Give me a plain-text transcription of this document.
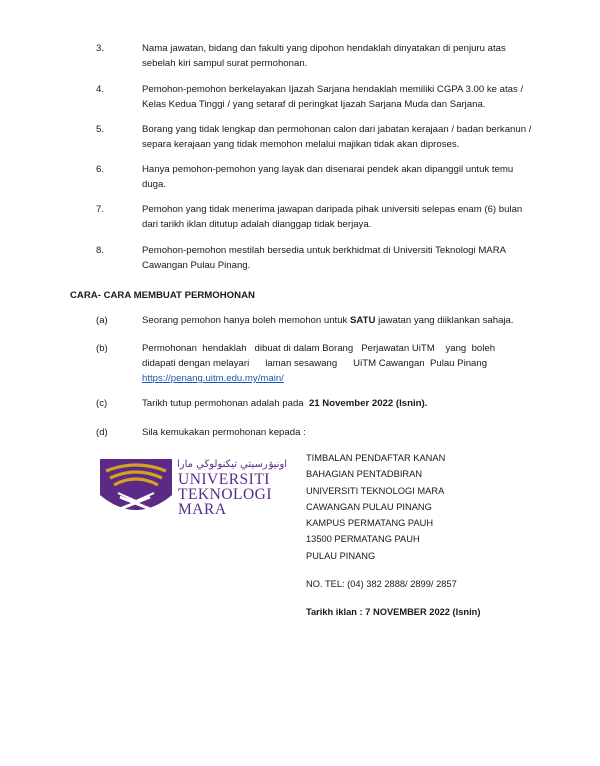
3.	Nama jawatan, bidang dan fakulti yang dipohon hendaklah dinyatakan di penjuru atas sebelah kiri sampul surat permohonan.
4.	Pemohon-pemohon berkelayakan Ijazah Sarjana hendaklah memiliki CGPA 3.00 ke atas / Kelas Kedua Tinggi / yang setaraf di peringkat Ijazah Sarjana Muda dan Sarjana.
5.	Borang yang tidak lengkap dan permohonan calon dari jabatan kerajaan / badan berkanun / separa kerajaan yang tidak memohon melalui majikan tidak akan diproses.
6.	Hanya pemohon-pemohon yang layak dan disenarai pendek akan dipanggil untuk temu duga.
7.	Pemohon yang tidak menerima jawapan daripada pihak universiti selepas enam (6) bulan dari tarikh iklan ditutup adalah dianggap tidak berjaya.
8.	Pemohon-pemohon mestilah bersedia untuk berkhidmat di Universiti Teknologi MARA Cawangan Pulau Pinang.
CARA- CARA MEMBUAT PERMOHONAN
(a)	Seorang pemohon hanya boleh memohon untuk SATU jawatan yang diiklankan sahaja.
(b)	Permohonan  hendaklah   dibuat di dalam Borang   Perjawatan UiTM    yang  boleh
didapati dengan melayari      laman sesawang      UiTM Cawangan  Pulau Pinang
https://penang.uitm.edu.my/main/
(c)	Tarikh tutup permohonan adalah pada  21 November 2022 (Isnin).
(d)	Sila kemukakan permohonan kepada :
اونيۏرسيتي تيكنولوڬي مارا
UNIVERSITI
TEKNOLOGI
MARA
TIMBALAN PENDAFTAR KANAN
BAHAGIAN PENTADBIRAN
UNIVERSITI TEKNOLOGI MARA
CAWANGAN PULAU PINANG
KAMPUS PERMATANG PAUH
13500 PERMATANG PAUH
PULAU PINANG
NO. TEL: (04) 382 2888/ 2899/ 2857
Tarikh iklan : 7 NOVEMBER 2022 (Isnin)
